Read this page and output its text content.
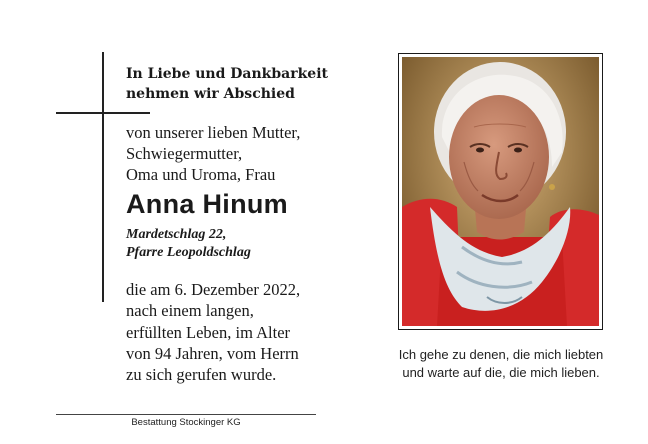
In Liebe und Dankbarkeit
nehmen wir Abschied
von unserer lieben Mutter,
Schwiegermutter,
Oma und Uroma, Frau
Anna Hinum
Mardetschlag 22,
Pfarre Leopoldschlag
die am 6. Dezember 2022,
nach einem langen,
erfüllten Leben, im Alter
von 94 Jahren, vom Herrn
zu sich gerufen wurde.
Bestattung Stockinger KG
Ich gehe zu denen, die mich liebten
und warte auf die, die mich lieben.
